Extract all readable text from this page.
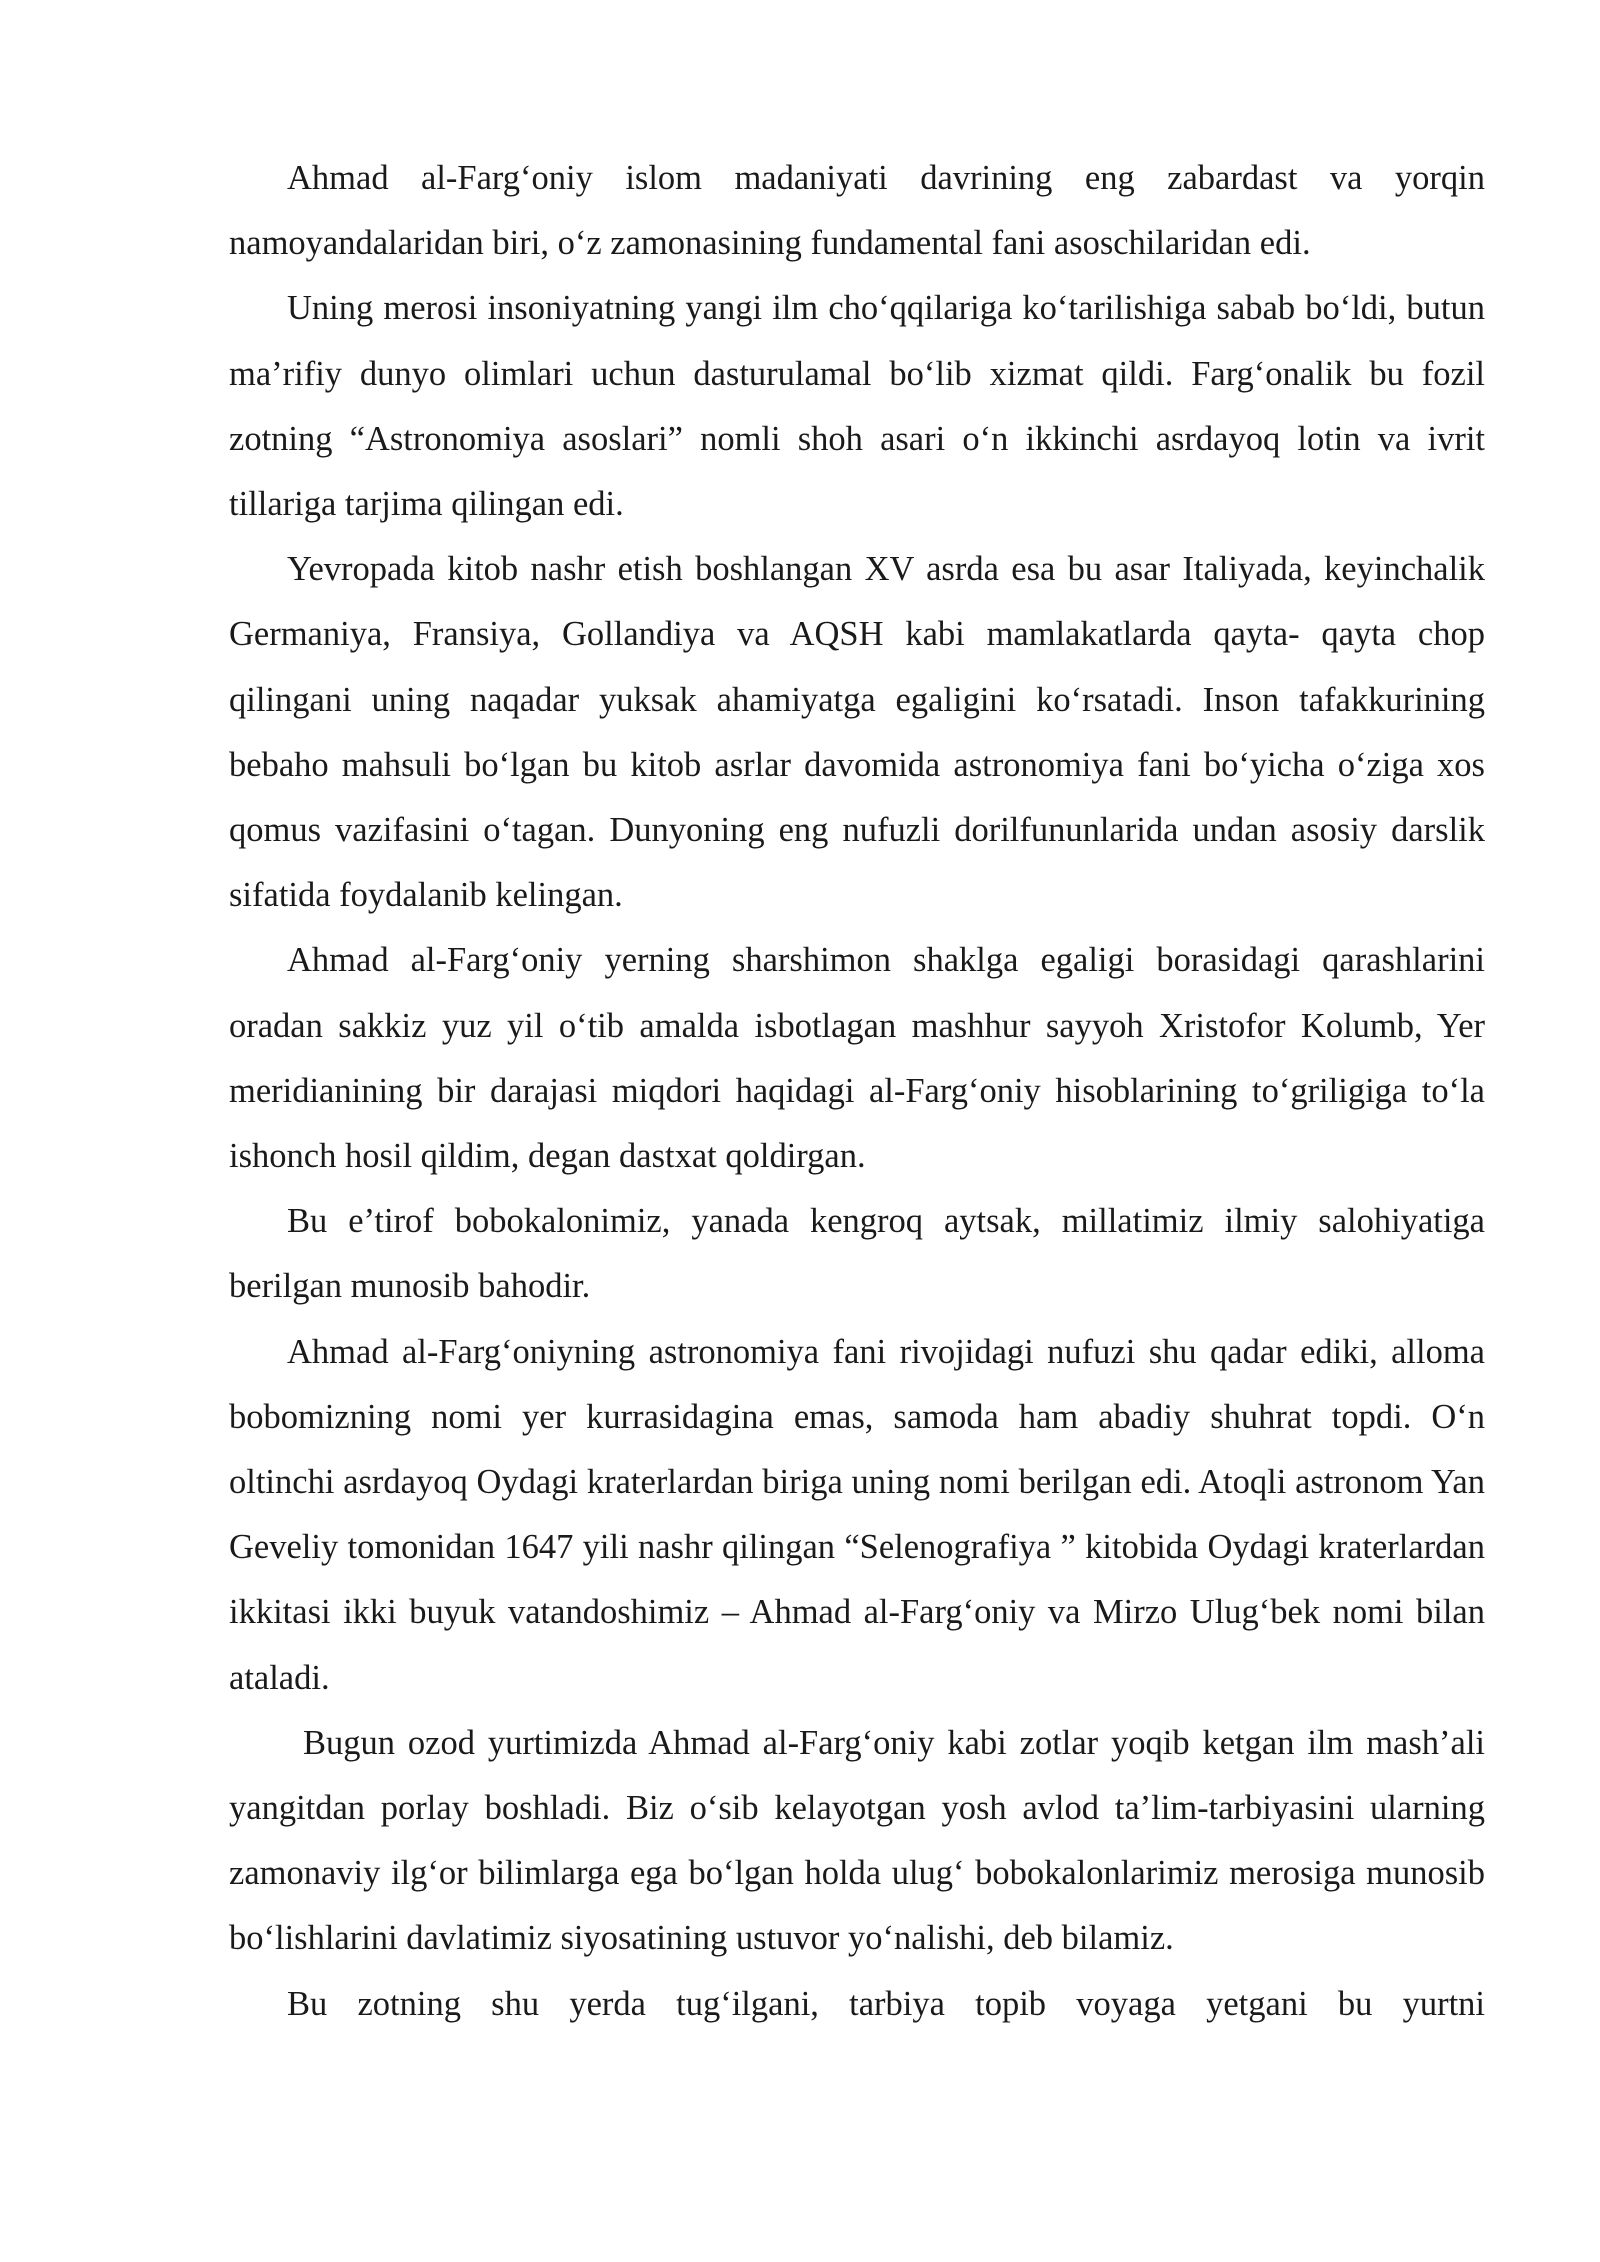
Ahmad al-Farg‘oniy islom madaniyati davrining eng zabardast va yorqin namoyandalaridan biri, o‘z zamonasining fundamental fani asoschilaridan edi.

Uning merosi insoniyatning yangi ilm cho‘qqilariga ko‘tarilishiga sabab bo‘ldi, butun ma’rifiy dunyo olimlari uchun dasturulamal bo‘lib xizmat qildi. Farg‘onalik bu fozil zotning “Astronomiya asoslari” nomli shoh asari o‘n ikkinchi asrdayoq lotin va ivrit tillariga tarjima qilingan edi.

Yevropada kitob nashr etish boshlangan XV asrda esa bu asar Italiyada, keyinchalik Germaniya, Fransiya, Gollandiya va AQSH kabi mamlakatlarda qayta- qayta chop qilingani uning naqadar yuksak ahamiyatga egaligini ko‘rsatadi. Inson tafakkurining bebaho mahsuli bo‘lgan bu kitob asrlar davomida astronomiya fani bo‘yicha o‘ziga xos qomus vazifasini o‘tagan. Dunyoning eng nufuzli dorilfununlarida undan asosiy darslik sifatida foydalanib kelingan.

Ahmad al-Farg‘oniy yerning sharshimon shaklga egaligi borasidagi qarashlarini oradan sakkiz yuz yil o‘tib amalda isbotlagan mashhur sayyoh Xristofor Kolumb, Yer meridianining bir darajasi miqdori haqidagi al-Farg‘oniy hisoblarining to‘griligiga to‘la ishonch hosil qildim, degan dastxat qoldirgan.

Bu e’tirof bobokalonimiz, yanada kengroq aytsak, millatimiz ilmiy salohiyatiga berilgan munosib bahodir.

Ahmad al-Farg‘oniyning astronomiya fani rivojidagi nufuzi shu qadar ediki, alloma bobomizning nomi yer kurrasidagina emas, samoda ham abadiy shuhrat topdi. O‘n oltinchi asrdayoq Oydagi kraterlardan biriga uning nomi berilgan edi. Atoqli astronom Yan Geveliy tomonidan 1647 yili nashr qilingan “Selenografiya ” kitobida Oydagi kraterlardan ikkitasi ikki buyuk vatandoshimiz – Ahmad al-Farg‘oniy va Mirzo Ulug‘bek nomi bilan ataladi.

Bugun ozod yurtimizda Ahmad al-Farg‘oniy kabi zotlar yoqib ketgan ilm mash’ali yangitdan porlay boshladi. Biz o‘sib kelayotgan yosh avlod ta’lim-tarbiyasini ularning zamonaviy ilg‘or bilimlarga ega bo‘lgan holda ulug‘ bobokalonlarimiz merosiga munosib bo‘lishlarini davlatimiz siyosatining ustuvor yo‘nalishi, deb bilamiz.

Bu zotning shu yerda tug‘ilgani, tarbiya topib voyaga yetgani bu yurtni
